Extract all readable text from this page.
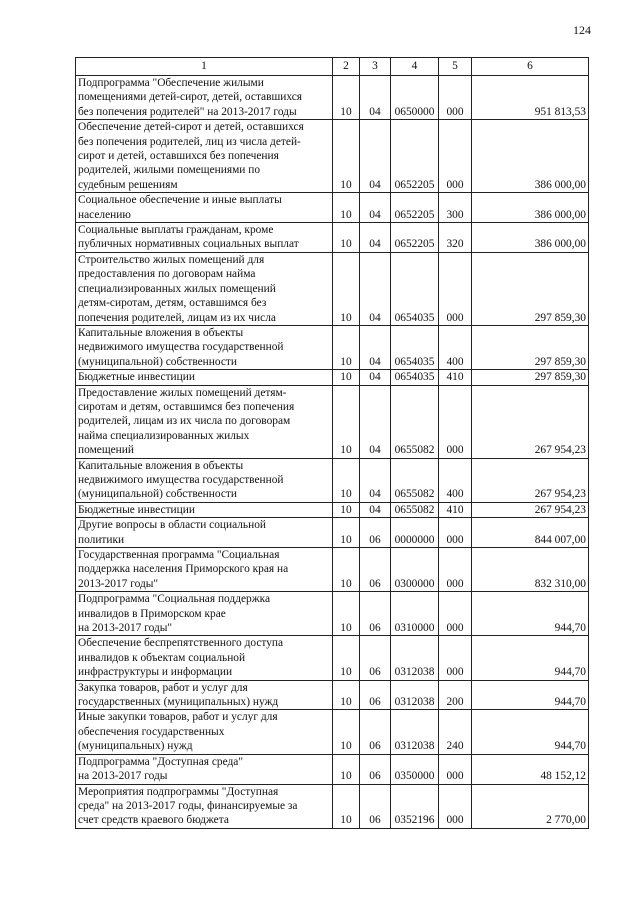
124
1	2	3	4	5	6
Подпрограмма "Обеспечение жилыми
помещениями детей-сирот, детей, оставшихся
без попечения родителей" на 2013-2017 годы	10	04	0650000	000	951 813,53
Обеспечение детей-сирот и детей, оставшихся
без попечения родителей, лиц из числа детей-
сирот и детей, оставшихся без попечения
родителей, жилыми помещениями по
судебным решениям	10	04	0652205	000	386 000,00
Социальное обеспечение и иные выплаты
населению	10	04	0652205	300	386 000,00
Социальные выплаты гражданам, кроме
публичных нормативных социальных выплат	10	04	0652205	320	386 000,00
Строительство жилых помещений для
предоставления по договорам найма
специализированных жилых помещений
детям-сиротам, детям, оставшимся без
попечения родителей, лицам из их числа	10	04	0654035	000	297 859,30
Капитальные вложения в объекты
недвижимого имущества государственной
(муниципальной) собственности	10	04	0654035	400	297 859,30
Бюджетные инвестиции	10	04	0654035	410	297 859,30
Предоставление жилых помещений детям-
сиротам и детям, оставшимся без попечения
родителей, лицам из их числа по договорам
найма специализированных жилых
помещений	10	04	0655082	000	267 954,23
Капитальные вложения в объекты
недвижимого имущества государственной
(муниципальной) собственности	10	04	0655082	400	267 954,23
Бюджетные инвестиции	10	04	0655082	410	267 954,23
Другие вопросы в области социальной
политики	10	06	0000000	000	844 007,00
Государственная программа "Социальная
поддержка населения Приморского края на
2013-2017 годы"	10	06	0300000	000	832 310,00
Подпрограмма "Социальная поддержка
инвалидов в Приморском крае
на 2013-2017 годы"	10	06	0310000	000	944,70
Обеспечение беспрепятственного доступа
инвалидов к объектам социальной
инфраструктуры и информации	10	06	0312038	000	944,70
Закупка товаров, работ и услуг для
государственных (муниципальных) нужд	10	06	0312038	200	944,70
Иные закупки товаров, работ и услуг для
обеспечения государственных
(муниципальных) нужд	10	06	0312038	240	944,70
Подпрограмма "Доступная среда"
на 2013-2017 годы	10	06	0350000	000	48 152,12
Мероприятия подпрограммы "Доступная
среда" на 2013-2017 годы, финансируемые за
счет средств краевого бюджета	10	06	0352196	000	2 770,00
